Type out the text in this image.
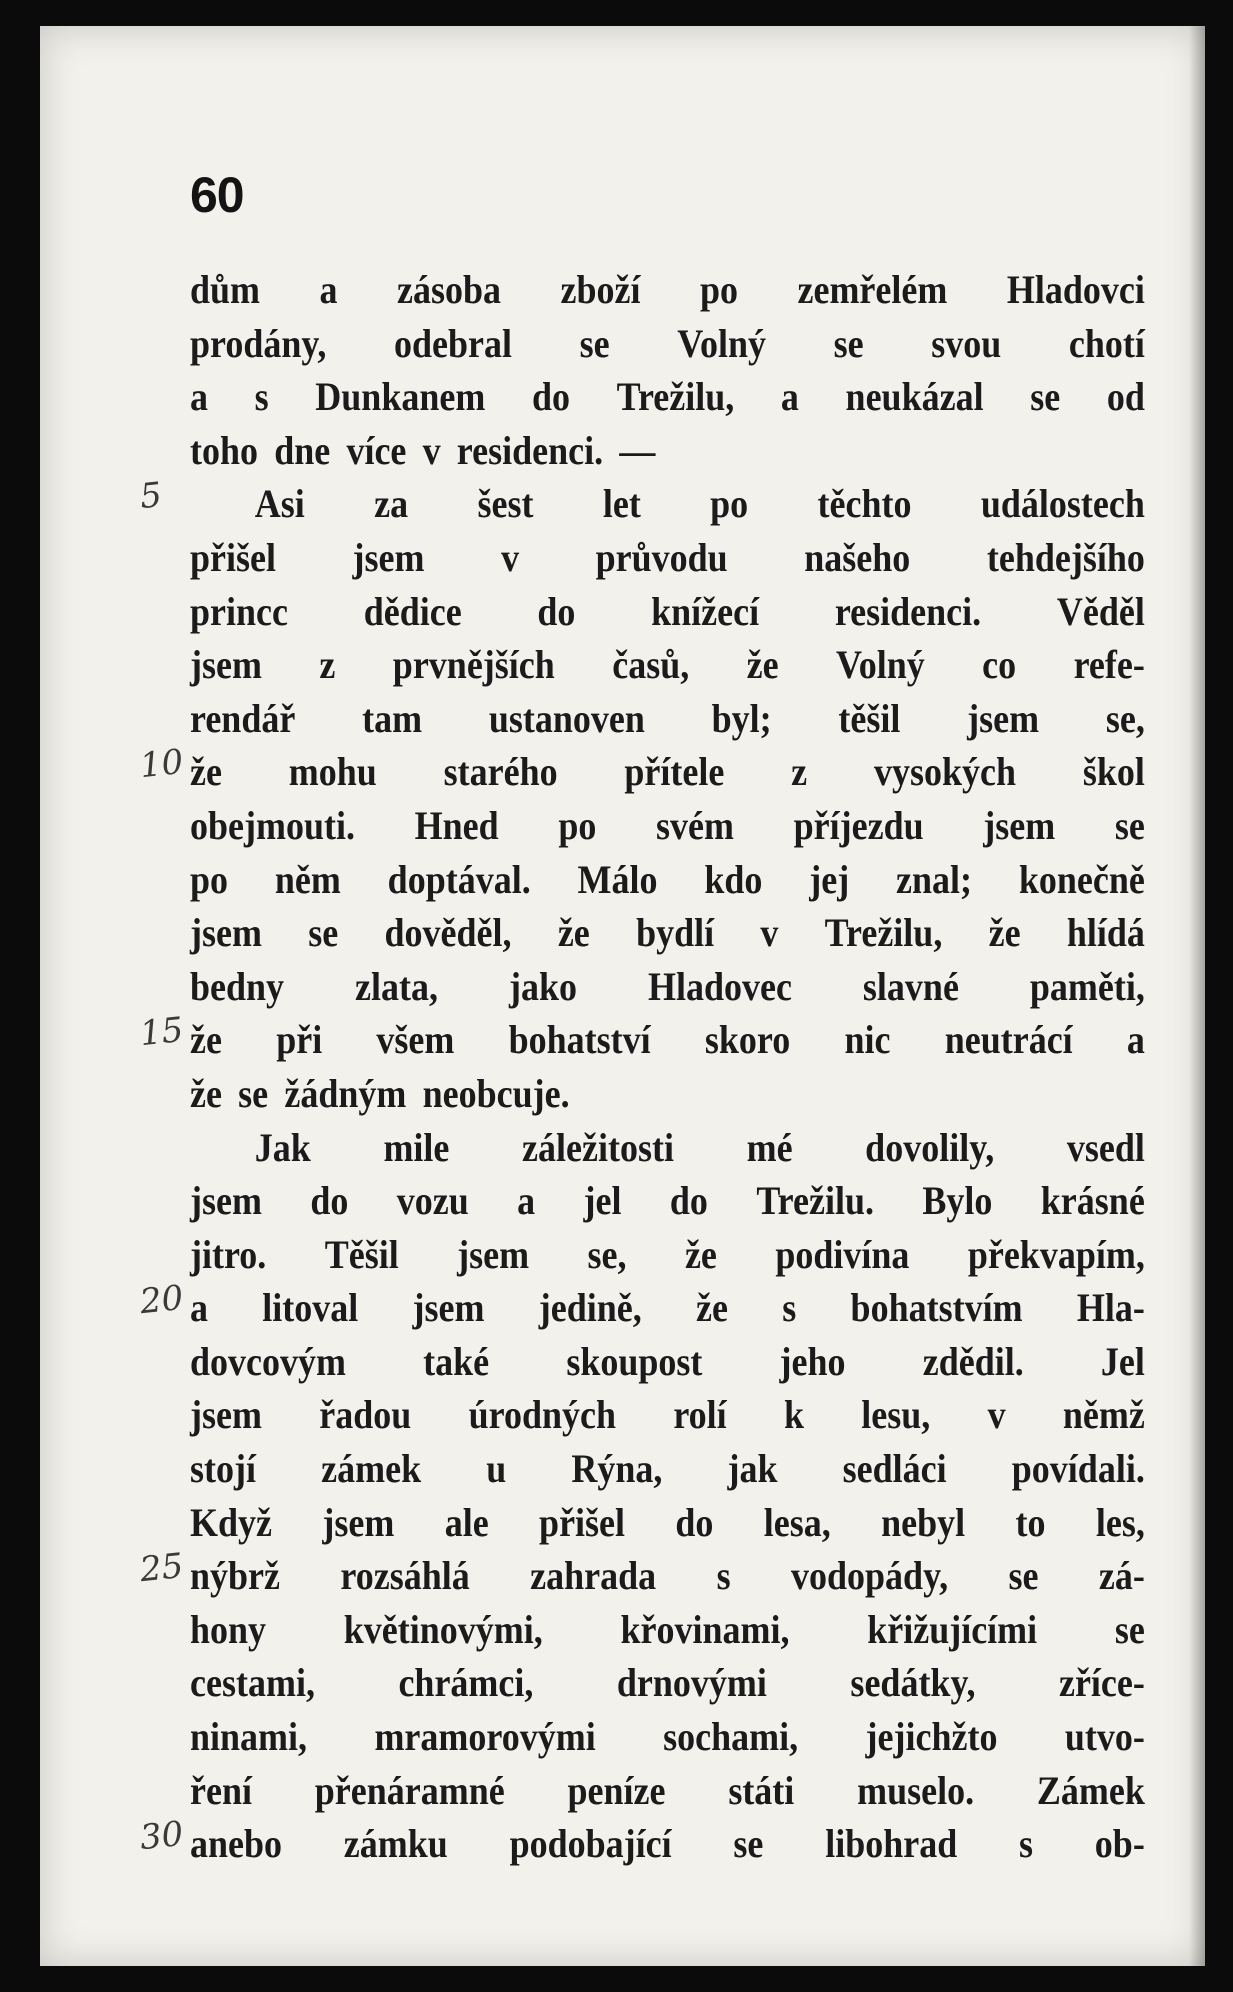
60
5
10
15
20
25
30
dům a zásoba zboží po zemřelém Hladovci
prodány, odebral se Volný se svou chotí
a s Dunkanem do Trežilu, a neukázal se od
toho dne více v residenci. —
Asi za šest let po těchto událostech
přišel jsem v průvodu našeho tehdejšího
princc dědice do knížecí residenci. Věděl
jsem z prvnějších časů, že Volný co refe-
rendář tam ustanoven byl; těšil jsem se,
že mohu starého přítele z vysokých škol
obejmouti. Hned po svém příjezdu jsem se
po něm doptával. Málo kdo jej znal; konečně
jsem se dověděl, že bydlí v Trežilu, že hlídá
bedny zlata, jako Hladovec slavné paměti,
že při všem bohatství skoro nic neutrácí a
že se žádným neobcuje.
Jak mile záležitosti mé dovolily, vsedl
jsem do vozu a jel do Trežilu. Bylo krásné
jitro. Těšil jsem se, že podivína překvapím,
a litoval jsem jedině, že s bohatstvím Hla-
dovcovým také skoupost jeho zdědil. Jel
jsem řadou úrodných rolí k lesu, v němž
stojí zámek u Rýna, jak sedláci povídali.
Když jsem ale přišel do lesa, nebyl to les,
nýbrž rozsáhlá zahrada s vodopády, se zá-
hony květinovými, křovinami, křižujícími se
cestami, chrámci, drnovými sedátky, zříce-
ninami, mramorovými sochami, jejichžto utvo-
ření přenáramné peníze státi muselo. Zámek
anebo zámku podobající se libohrad s ob-
